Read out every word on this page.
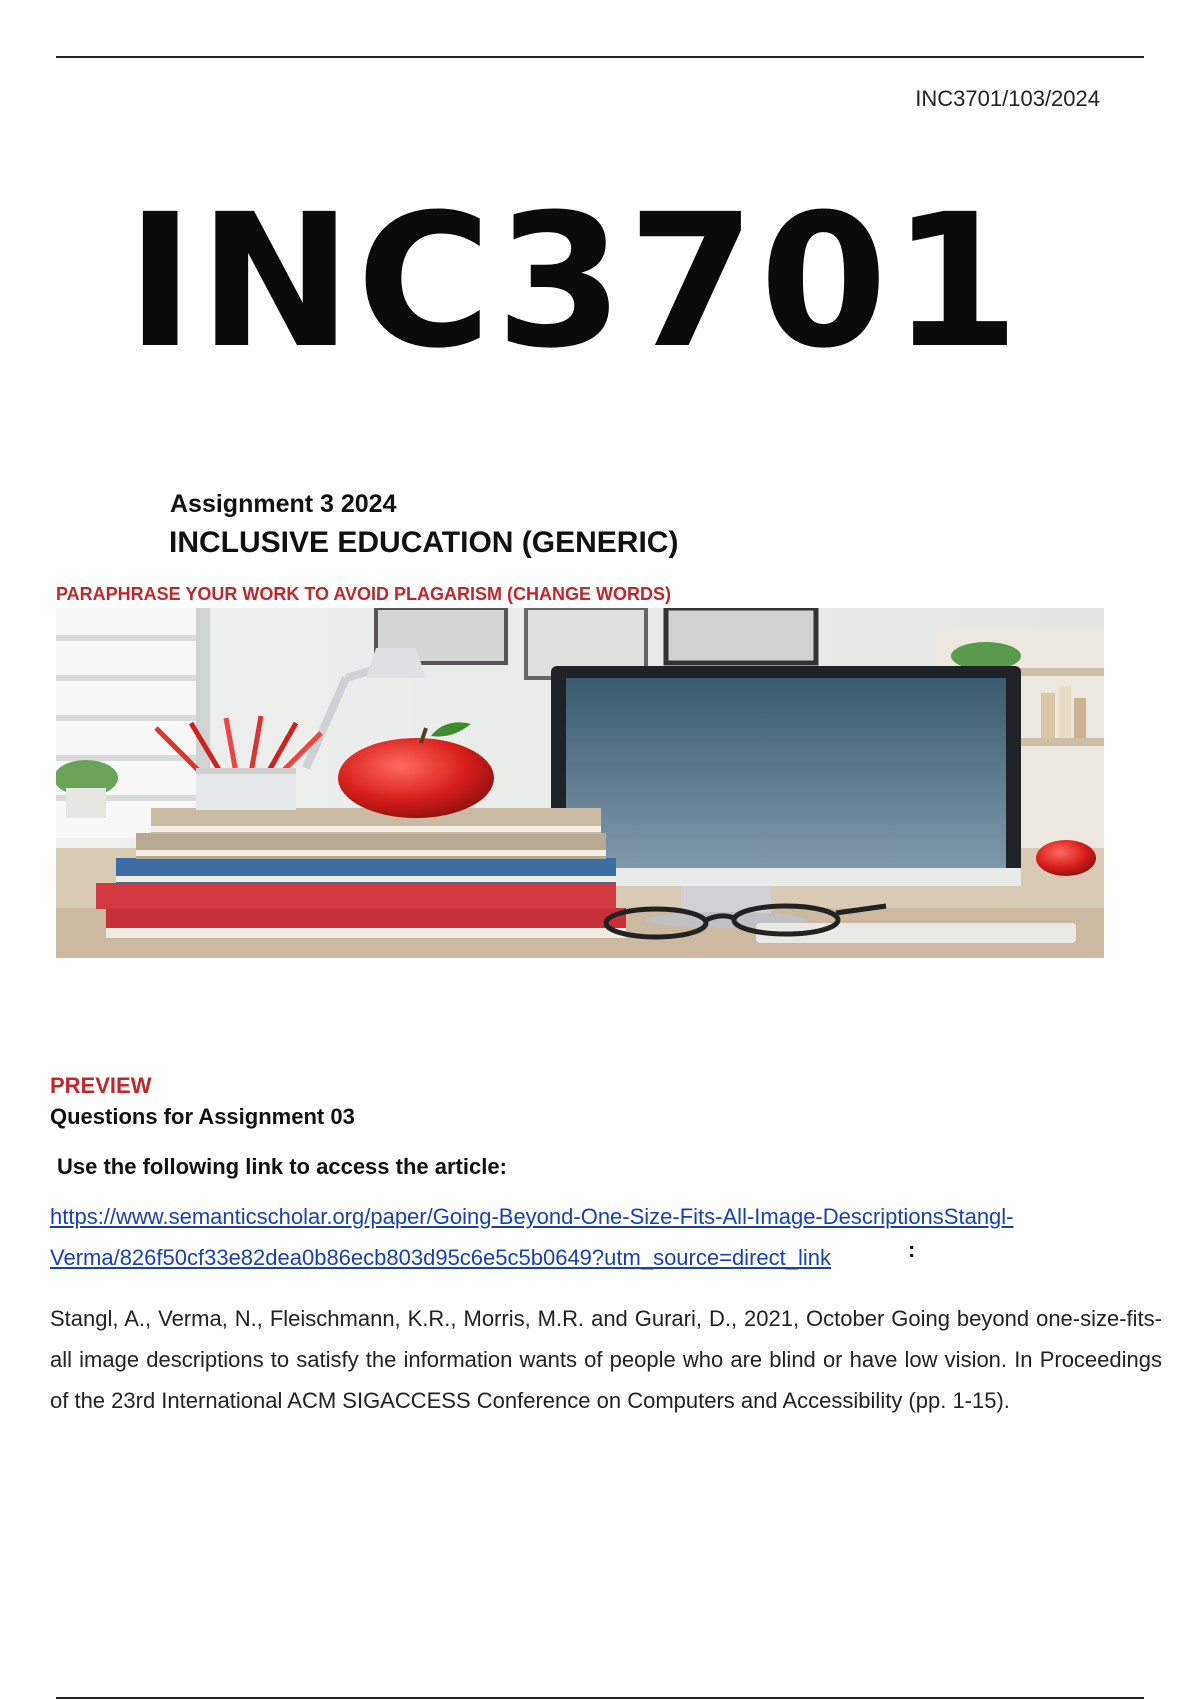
INC3701/103/2024
INC3701
Assignment 3 2024
INCLUSIVE EDUCATION (GENERIC)
PARAPHRASE YOUR WORK TO AVOID PLAGARISM (CHANGE WORDS)
PREVIEW
Questions for Assignment 03
Use the following link to access the article:
https://www.semanticscholar.org/paper/Going-Beyond-One-Size-Fits-All-Image-DescriptionsStangl-
Verma/826f50cf33e82dea0b86ecb803d95c6e5c5b0649?utm_source=direct_link	:
Stangl, A., Verma, N., Fleischmann, K.R., Morris, M.R. and Gurari, D., 2021, October Going beyond one-size-fits-all image descriptions to satisfy the information wants of people who are blind or have low vision. In Proceedings of the 23rd International ACM SIGACCESS Conference on Computers and Accessibility (pp. 1-15).
